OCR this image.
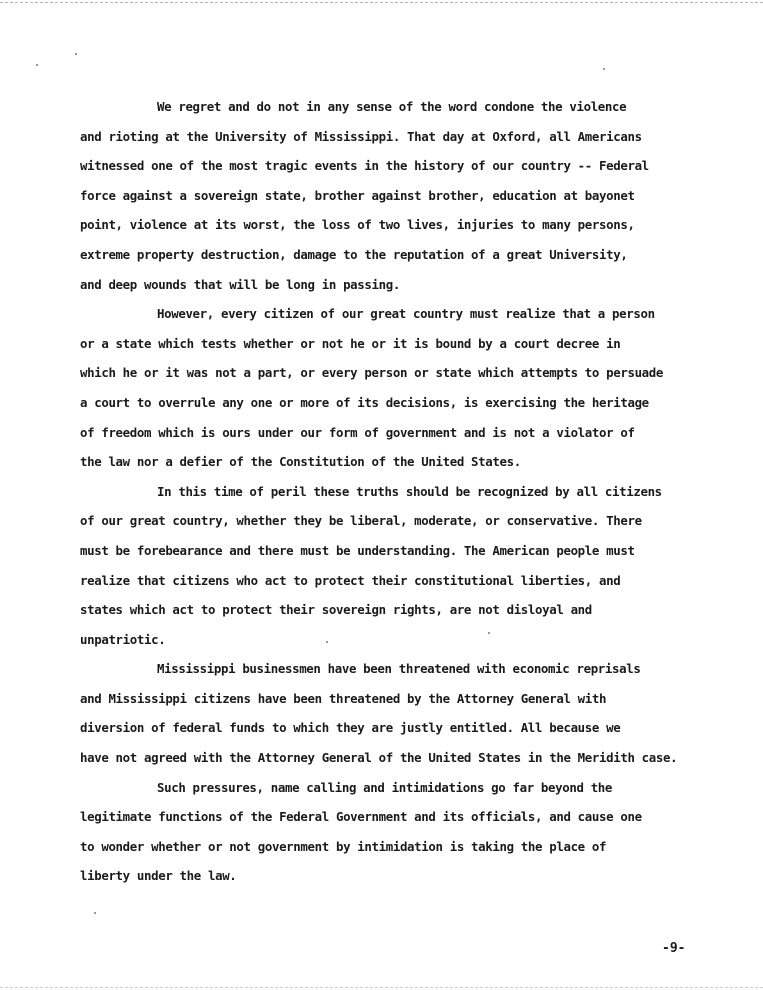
We regret and do not in any sense of the word condone the violence
and rioting at the University of Mississippi. That day at Oxford, all Americans
witnessed one of the most tragic events in the history of our country -- Federal
force against a sovereign state, brother against brother, education at bayonet
point, violence at its worst, the loss of two lives, injuries to many persons,
extreme property destruction, damage to the reputation of a great University,
and deep wounds that will be long in passing.
However, every citizen of our great country must realize that a person
or a state which tests whether or not he or it is bound by a court decree in
which he or it was not a part, or every person or state which attempts to persuade
a court to overrule any one or more of its decisions, is exercising the heritage
of freedom which is ours under our form of government and is not a violator of
the law nor a defier of the Constitution of the United States.
In this time of peril these truths should be recognized by all citizens
of our great country, whether they be liberal, moderate, or conservative. There
must be forebearance and there must be understanding. The American people must
realize that citizens who act to protect their constitutional liberties, and
states which act to protect their sovereign rights, are not disloyal and
unpatriotic.
Mississippi businessmen have been threatened with economic reprisals
and Mississippi citizens have been threatened by the Attorney General with
diversion of federal funds to which they are justly entitled. All because we
have not agreed with the Attorney General of the United States in the Meridith case.
Such pressures, name calling and intimidations go far beyond the
legitimate functions of the Federal Government and its officials, and cause one
to wonder whether or not government by intimidation is taking the place of
liberty under the law.
-9-
